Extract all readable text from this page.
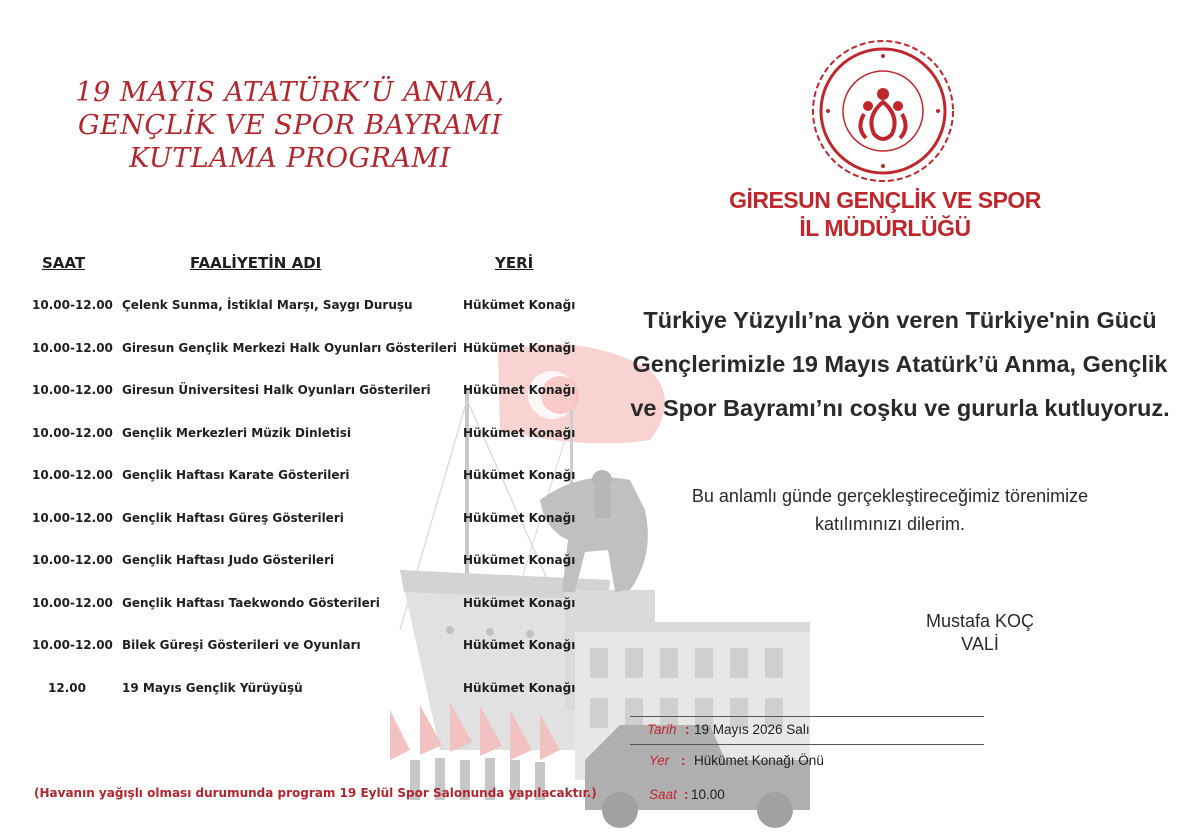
19 MAYIS ATATÜRK’Ü ANMA,
GENÇLİK VE SPOR BAYRAMI
KUTLAMA PROGRAMI
SAAT	FAALİYETİN ADI	YERİ
10.00-12.00 Çelenk Sunma, İstiklal Marşı, Saygı Duruşu	Hükümet Konağı
10.00-12.00 Giresun Gençlik Merkezi Halk Oyunları Gösterileri Hükümet Konağı
10.00-12.00 Giresun Üniversitesi Halk Oyunları Gösterileri	Hükümet Konağı
10.00-12.00 Gençlik Merkezleri Müzik Dinletisi	Hükümet Konağı
10.00-12.00 Gençlik Haftası Karate Gösterileri	Hükümet Konağı
10.00-12.00 Gençlik Haftası Güreş Gösterileri	Hükümet Konağı
10.00-12.00 Gençlik Haftası Judo Gösterileri	Hükümet Konağı
10.00-12.00 Gençlik Haftası Taekwondo Gösterileri	Hükümet Konağı
10.00-12.00 Bilek Güreşi Gösterileri ve Oyunları	Hükümet Konağı
12.00	19 Mayıs Gençlik Yürüyüşü	Hükümet Konağı
(Havanın yağışlı olması durumunda program 19 Eylül Spor Salonunda yapılacaktır.)
GİRESUN GENÇLİK VE SPOR
İL MÜDÜRLÜĞÜ
Türkiye Yüzyılı’na yön veren Türkiye'nin Gücü
Gençlerimizle 19 Mayıs Atatürk’ü Anma, Gençlik
ve Spor Bayramı’nı coşku ve gururla kutluyoruz.
Bu anlamlı günde gerçekleştireceğimiz törenimize
katılımınızı dilerim.
Mustafa KOÇ
VALİ
Tarih : 19 Mayıs 2026 Salı
Yer : Hükümet Konağı Önü
Saat : 10.00
